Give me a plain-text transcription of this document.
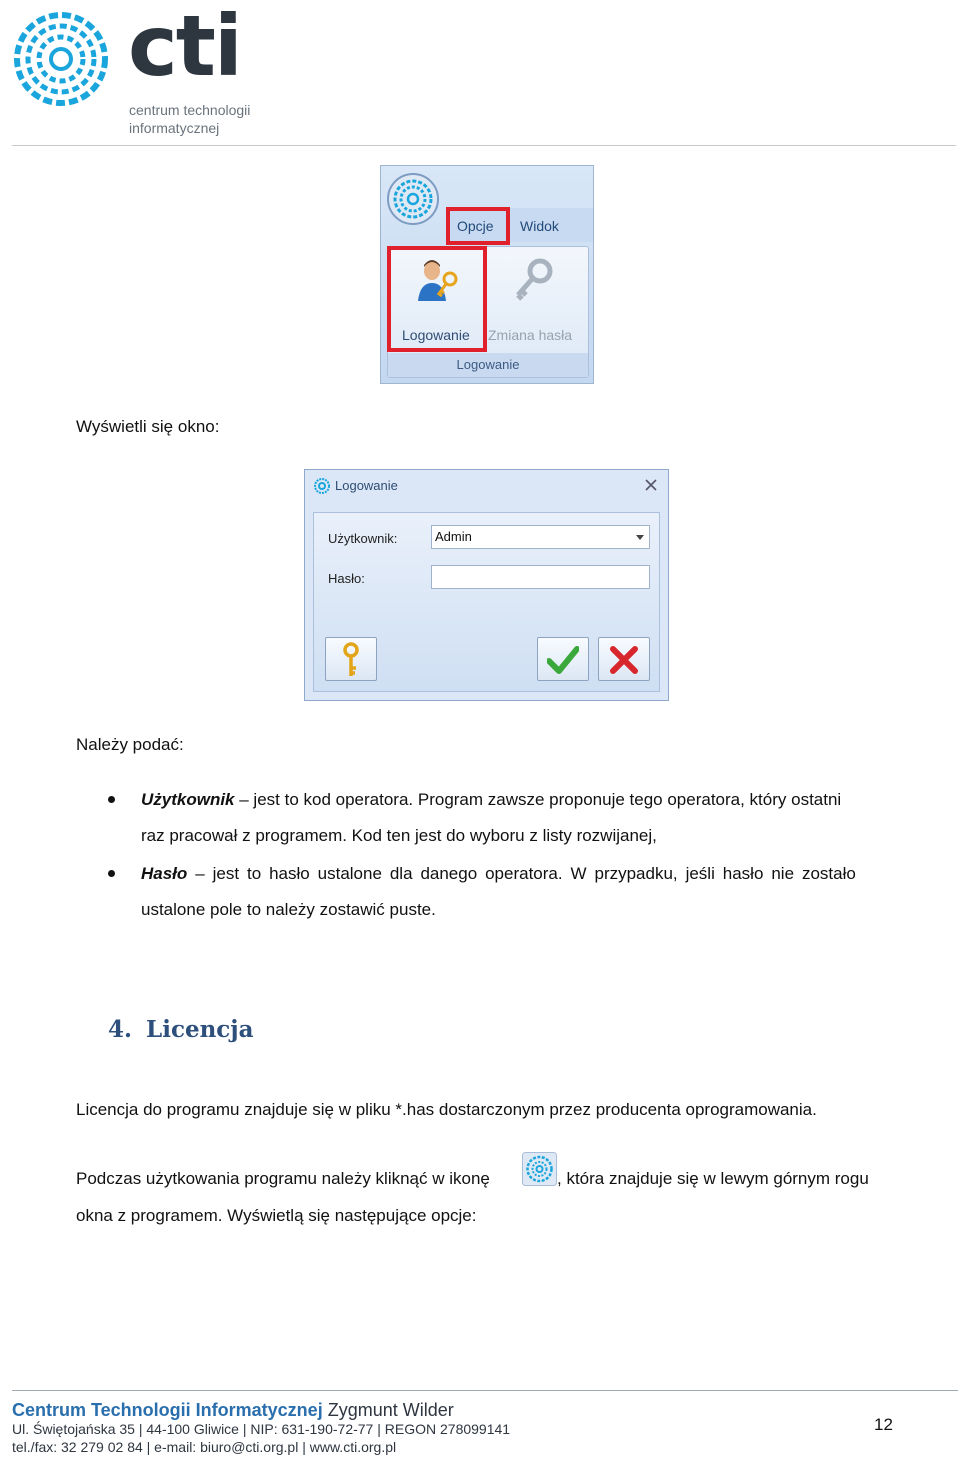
cti
centrum technologii
informatycznej
Opcje Widok
Logowanie Zmiana hasła
Logowanie
Wyświetli się okno:
Logowanie
Użytkownik:	Admin
Hasło:
Należy podać:
Użytkownik – jest to kod operatora. Program zawsze proponuje tego operatora, który ostatni
raz pracował z programem. Kod ten jest do wyboru z listy rozwijanej,
Hasło – jest to hasło ustalone dla danego operatora. W przypadku, jeśli hasło nie zostało
ustalone pole to należy zostawić puste.
4. Licencja
Licencja do programu znajduje się w pliku *.has dostarczonym przez producenta oprogramowania.
Podczas użytkowania programu należy kliknąć w ikonę	, która znajduje się w lewym górnym rogu
okna z programem. Wyświetlą się następujące opcje:
Centrum Technologii Informatycznej Zygmunt Wilder
Ul. Świętojańska 35 | 44-100 Gliwice | NIP: 631-190-72-77 | REGON 278099141
tel./fax: 32 279 02 84 | e-mail: biuro@cti.org.pl | www.cti.org.pl
12
